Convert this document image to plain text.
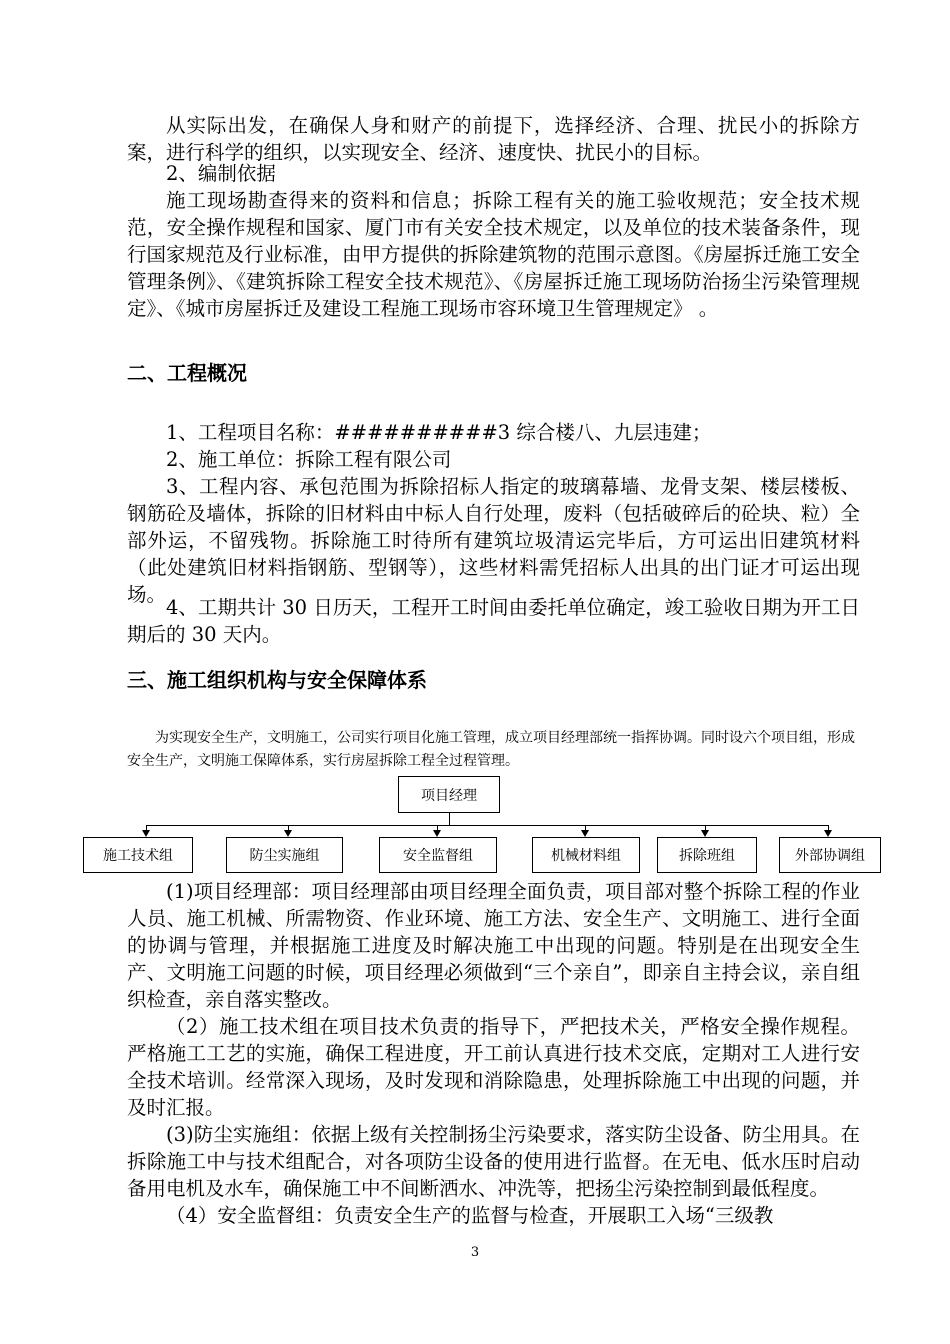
从实际出发，在确保人身和财产的前提下，选择经济、合理、扰民小的拆除方案，进行科学的组织，以实现安全、经济、速度快、扰民小的目标。

2、编制依据

施工现场勘查得来的资料和信息；拆除工程有关的施工验收规范；安全技术规范，安全操作规程和国家、厦门市有关安全技术规定，以及单位的技术装备条件，现行国家规范及行业标准，由甲方提供的拆除建筑物的范围示意图。《房屋拆迁施工安全管理条例》、《建筑拆除工程安全技术规范》、《房屋拆迁施工现场防治扬尘污染管理规定》、《城市房屋拆迁及建设工程施工现场市容环境卫生管理规定》 。

二、工程概况

1、工程项目名称：##########3 综合楼八、九层违建；

2、施工单位：拆除工程有限公司

3、工程内容、承包范围为拆除招标人指定的玻璃幕墙、龙骨支架、楼层楼板、钢筋砼及墙体，拆除的旧材料由中标人自行处理，废料（包括破碎后的砼块、粒）全部外运，不留残物。拆除施工时待所有建筑垃圾清运完毕后，方可运出旧建筑材料（此处建筑旧材料指钢筋、型钢等），这些材料需凭招标人出具的出门证才可运出现场。

4、工期共计 30 日历天，工程开工时间由委托单位确定，竣工验收日期为开工日期后的 30 天内。

三、施工组织机构与安全保障体系

为实现安全生产，文明施工，公司实行项目化施工管理，成立项目经理部统一指挥协调。同时设六个项目组，形成安全生产，文明施工保障体系，实行房屋拆除工程全过程管理。

项目经理
施工技术组	防尘实施组	安全监督组	机械材料组	拆除班组	外部协调组

(1)项目经理部：项目经理部由项目经理全面负责，项目部对整个拆除工程的作业人员、施工机械、所需物资、作业环境、施工方法、安全生产、文明施工、进行全面的协调与管理，并根据施工进度及时解决施工中出现的问题。特别是在出现安全生产、文明施工问题的时候，项目经理必须做到“三个亲自”，即亲自主持会议，亲自组织检查，亲自落实整改。

（2）施工技术组在项目技术负责的指导下，严把技术关，严格安全操作规程。严格施工工艺的实施，确保工程进度，开工前认真进行技术交底，定期对工人进行安全技术培训。经常深入现场，及时发现和消除隐患，处理拆除施工中出现的问题，并及时汇报。

(3)防尘实施组：依据上级有关控制扬尘污染要求，落实防尘设备、防尘用具。在拆除施工中与技术组配合，对各项防尘设备的使用进行监督。在无电、低水压时启动备用电机及水车，确保施工中不间断洒水、冲洗等，把扬尘污染控制到最低程度。

（4）安全监督组：负责安全生产的监督与检查，开展职工入场“三级教

3
